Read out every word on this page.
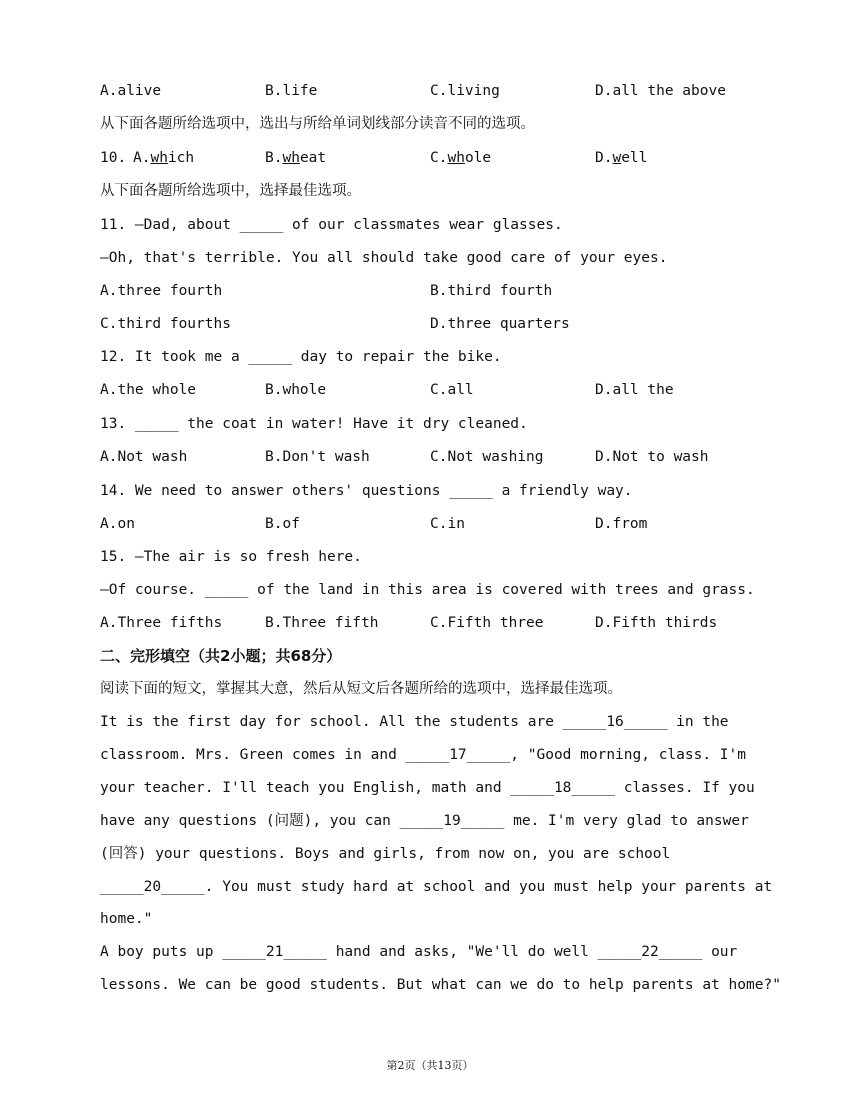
A.alive

	B.life

	C.living

	D.all the above

从下面各题所给选项中，选出与所给单词划线部分读音不同的选项。

10.

A.which

	B.wheat

	C.whole

	D.well

从下面各题所给选项中，选择最佳选项。
11. —Dad, about _____ of our classmates wear glasses.
—Oh, that's terrible. You all should take good care of your eyes.

A.three fourth

	B.third fourth

C.third fourths

	D.three quarters

12. It took me a _____ day to repair the bike.

A.the whole

	B.whole

	C.all

	D.all the

13. _____ the coat in water! Have it dry cleaned.

A.Not wash

	B.Don't wash

	C.Not washing

	D.Not to wash

14. We need to answer others' questions _____ a friendly way.

A.on

	B.of

	C.in

	D.from

15. —The air is so fresh here.
—Of course. _____ of the land in this area is covered with trees and grass.

A.Three fifths

	B.Three fifth

	C.Fifth three

	D.Fifth thirds

二、完形填空（共2小题；共68分）
阅读下面的短文，掌握其大意，然后从短文后各题所给的选项中，选择最佳选项。
It is the first day for school. All the students are _____16_____ in the
classroom. Mrs. Green comes in and _____17_____, "Good morning, class. I'm
your teacher. I'll teach you English, math and _____18_____ classes. If you
have any questions (问题), you can _____19_____ me. I'm very glad to answer
(回答) your questions. Boys and girls, from now on, you are school
_____20_____. You must study hard at school and you must help your parents at
home."
A boy puts up _____21_____ hand and asks, "We'll do well _____22_____ our
lessons. We can be good students. But what can we do to help parents at home?"
第2页（共13页）
